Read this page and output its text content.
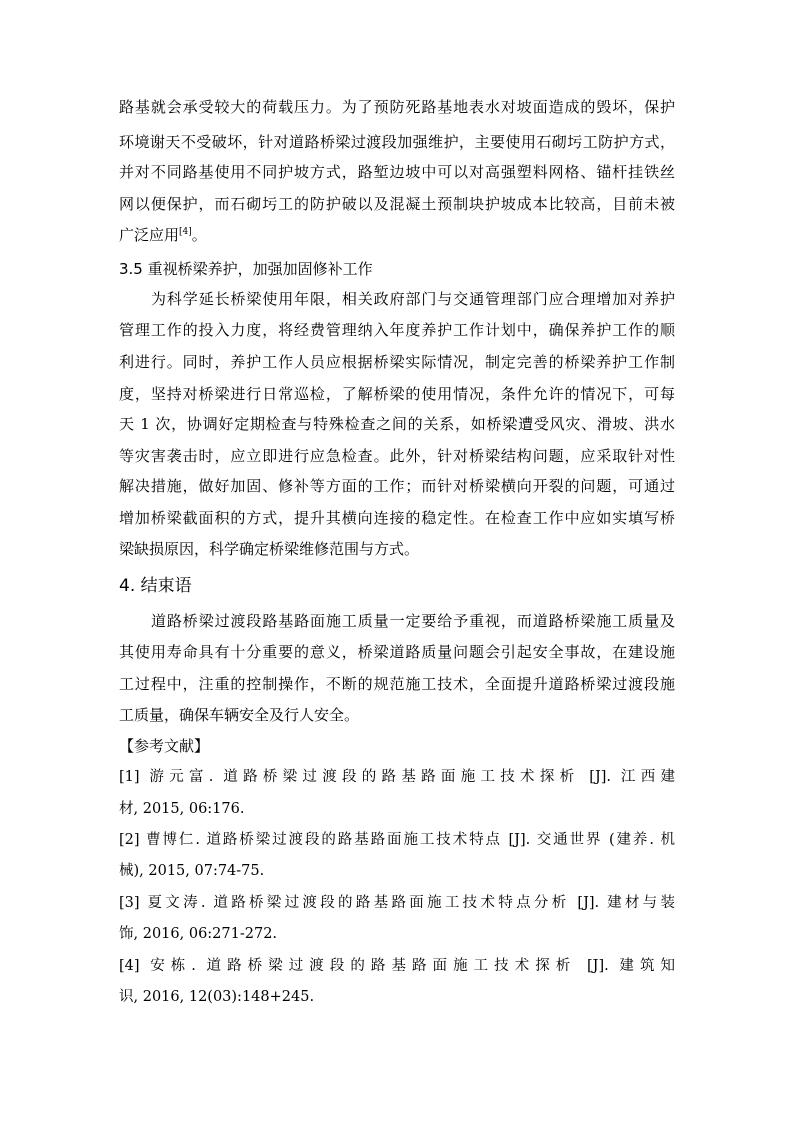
路基就会承受较大的荷载压力。为了预防死路基地表水对坡面造成的毁坏，保护
环境谢天不受破坏，针对道路桥梁过渡段加强维护，主要使用石砌圬工防护方式，
并对不同路基使用不同护坡方式，路堑边坡中可以对高强塑料网格、锚杆挂铁丝
网以便保护，而石砌圬工的防护破以及混凝土预制块护坡成本比较高，目前未被
广泛应用[4]。
3.5 重视桥梁养护，加强加固修补工作
为科学延长桥梁使用年限，相关政府部门与交通管理部门应合理增加对养护
管理工作的投入力度，将经费管理纳入年度养护工作计划中，确保养护工作的顺
利进行。同时，养护工作人员应根据桥梁实际情况，制定完善的桥梁养护工作制
度，坚持对桥梁进行日常巡检，了解桥梁的使用情况，条件允许的情况下，可每
天 1 次，协调好定期检查与特殊检查之间的关系，如桥梁遭受风灾、滑坡、洪水
等灾害袭击时，应立即进行应急检查。此外，针对桥梁结构问题，应采取针对性
解决措施，做好加固、修补等方面的工作；而针对桥梁横向开裂的问题，可通过
增加桥梁截面积的方式，提升其横向连接的稳定性。在检查工作中应如实填写桥
梁缺损原因，科学确定桥梁维修范围与方式。
4. 结束语
道路桥梁过渡段路基路面施工质量一定要给予重视，而道路桥梁施工质量及
其使用寿命具有十分重要的意义，桥梁道路质量问题会引起安全事故，在建设施
工过程中，注重的控制操作，不断的规范施工技术，全面提升道路桥梁过渡段施
工质量，确保车辆安全及行人安全。
【参考文献】
[1] 游元富. 道路桥梁过渡段的路基路面施工技术探析 [J]. 江西建
材, 2015, 06:176.
[2] 曹博仁. 道路桥梁过渡段的路基路面施工技术特点 [J]. 交通世界 (建养. 机
械), 2015, 07:74-75.
[3] 夏文涛. 道路桥梁过渡段的路基路面施工技术特点分析 [J]. 建材与装
饰, 2016, 06:271-272.
[4] 安栋. 道路桥梁过渡段的路基路面施工技术探析 [J]. 建筑知
识, 2016, 12(03):148+245.
